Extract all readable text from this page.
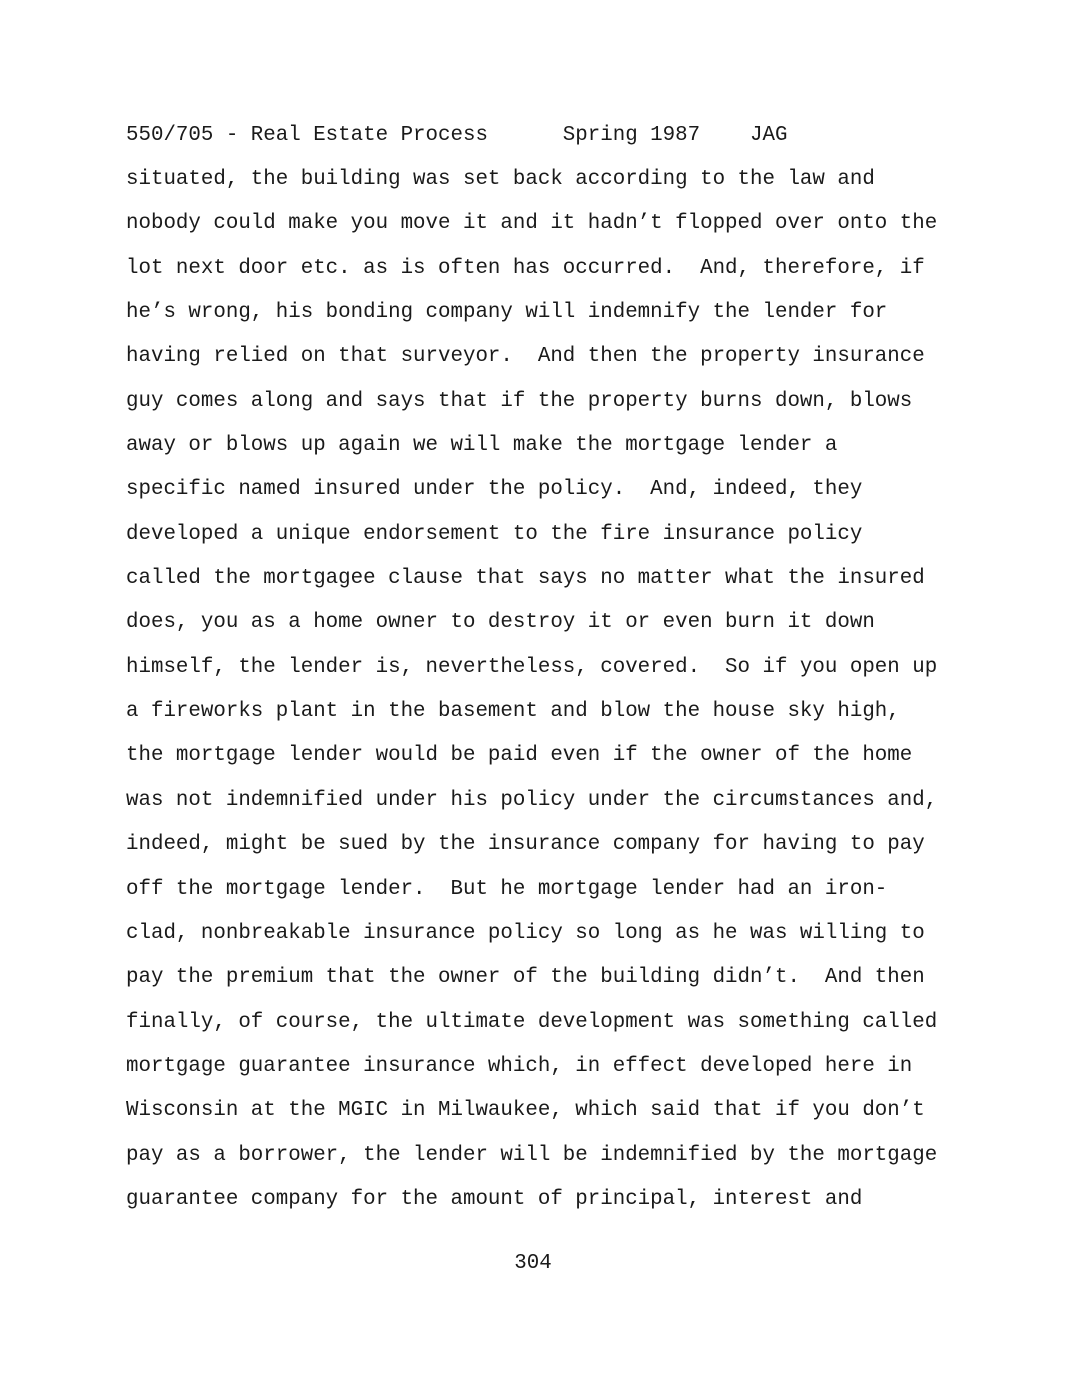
550/705 - Real Estate Process      Spring 1987    JAG
situated, the building was set back according to the law and
nobody could make you move it and it hadn’t flopped over onto the
lot next door etc. as is often has occurred.  And, therefore, if
he’s wrong, his bonding company will indemnify the lender for
having relied on that surveyor.  And then the property insurance
guy comes along and says that if the property burns down, blows
away or blows up again we will make the mortgage lender a
specific named insured under the policy.  And, indeed, they
developed a unique endorsement to the fire insurance policy
called the mortgagee clause that says no matter what the insured
does, you as a home owner to destroy it or even burn it down
himself, the lender is, nevertheless, covered.  So if you open up
a fireworks plant in the basement and blow the house sky high,
the mortgage lender would be paid even if the owner of the home
was not indemnified under his policy under the circumstances and,
indeed, might be sued by the insurance company for having to pay
off the mortgage lender.  But he mortgage lender had an iron-
clad, nonbreakable insurance policy so long as he was willing to
pay the premium that the owner of the building didn’t.  And then
finally, of course, the ultimate development was something called
mortgage guarantee insurance which, in effect developed here in
Wisconsin at the MGIC in Milwaukee, which said that if you don’t
pay as a borrower, the lender will be indemnified by the mortgage
guarantee company for the amount of principal, interest and
304
